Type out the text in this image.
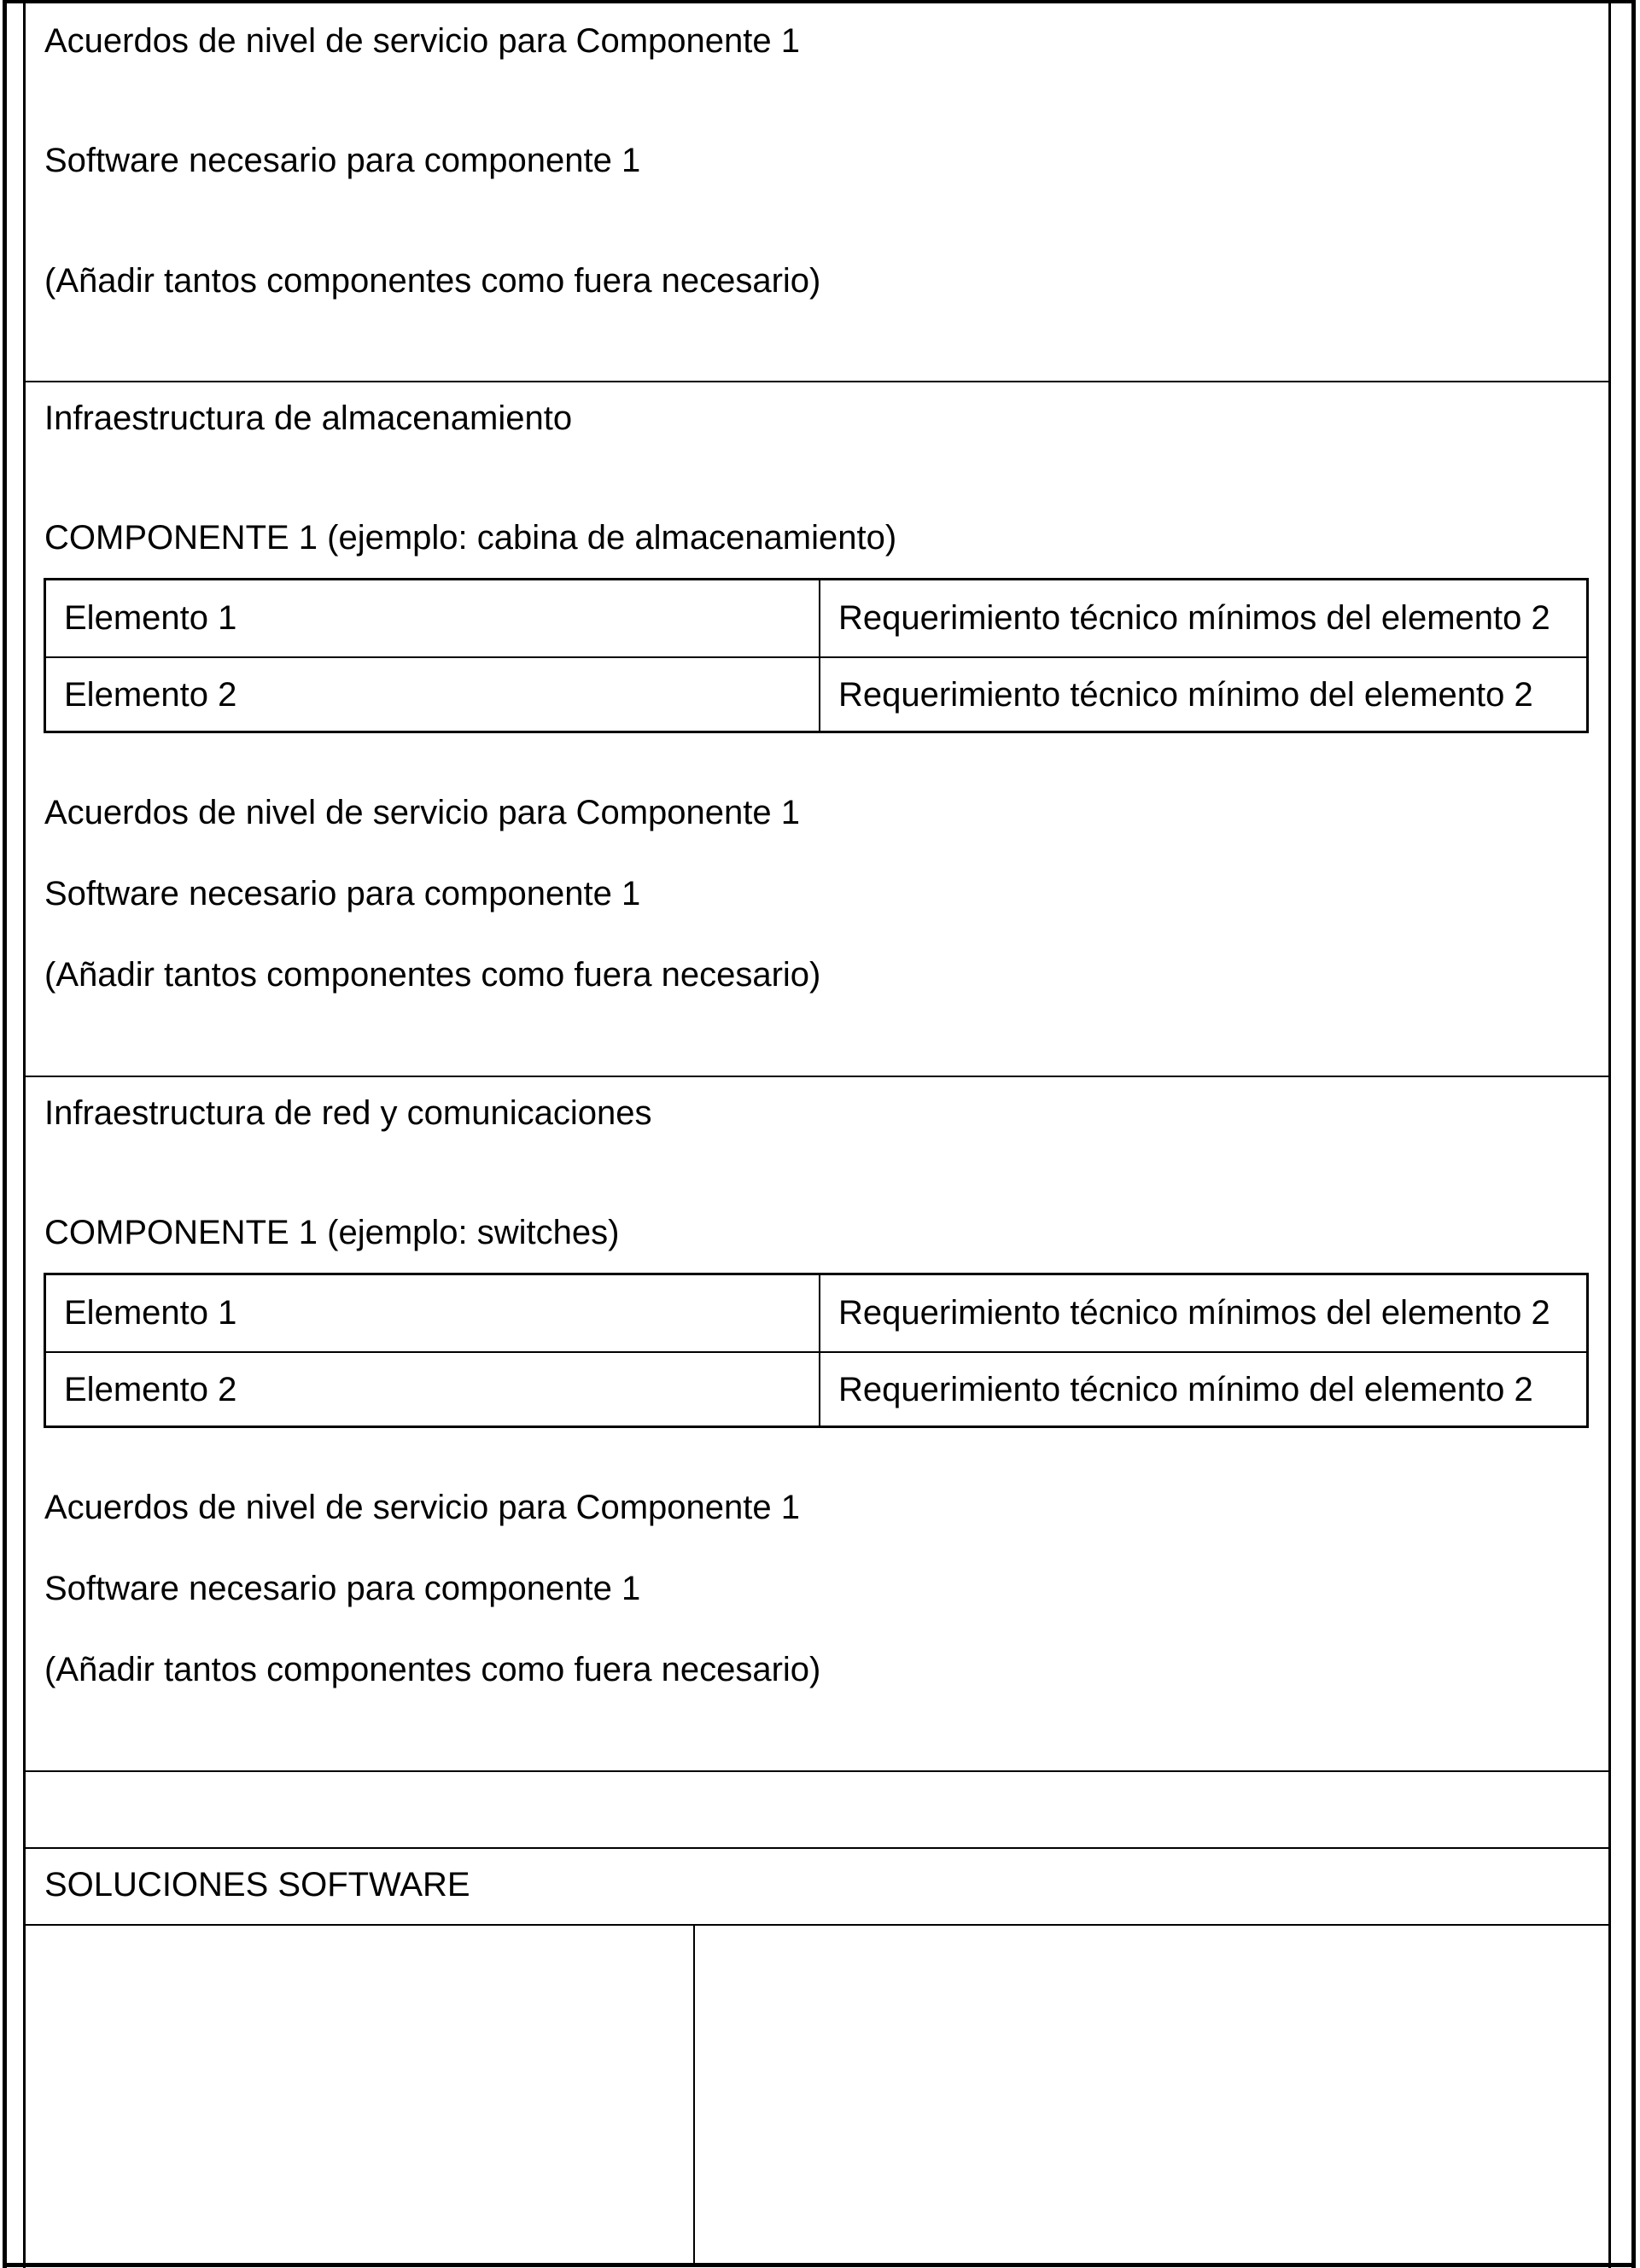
Acuerdos de nivel de servicio para Componente 1
Software necesario para componente 1
(Añadir tantos componentes como fuera necesario)
Infraestructura de almacenamiento
COMPONENTE 1 (ejemplo: cabina de almacenamiento)
Elemento 1	Requerimiento técnico mínimos del elemento 2
Elemento 2	Requerimiento técnico mínimo del elemento 2
Acuerdos de nivel de servicio para Componente 1
Software necesario para componente 1
(Añadir tantos componentes como fuera necesario)
Infraestructura de red y comunicaciones
COMPONENTE 1 (ejemplo: switches)
Elemento 1	Requerimiento técnico mínimos del elemento 2
Elemento 2	Requerimiento técnico mínimo del elemento 2
Acuerdos de nivel de servicio para Componente 1
Software necesario para componente 1
(Añadir tantos componentes como fuera necesario)
SOLUCIONES SOFTWARE
